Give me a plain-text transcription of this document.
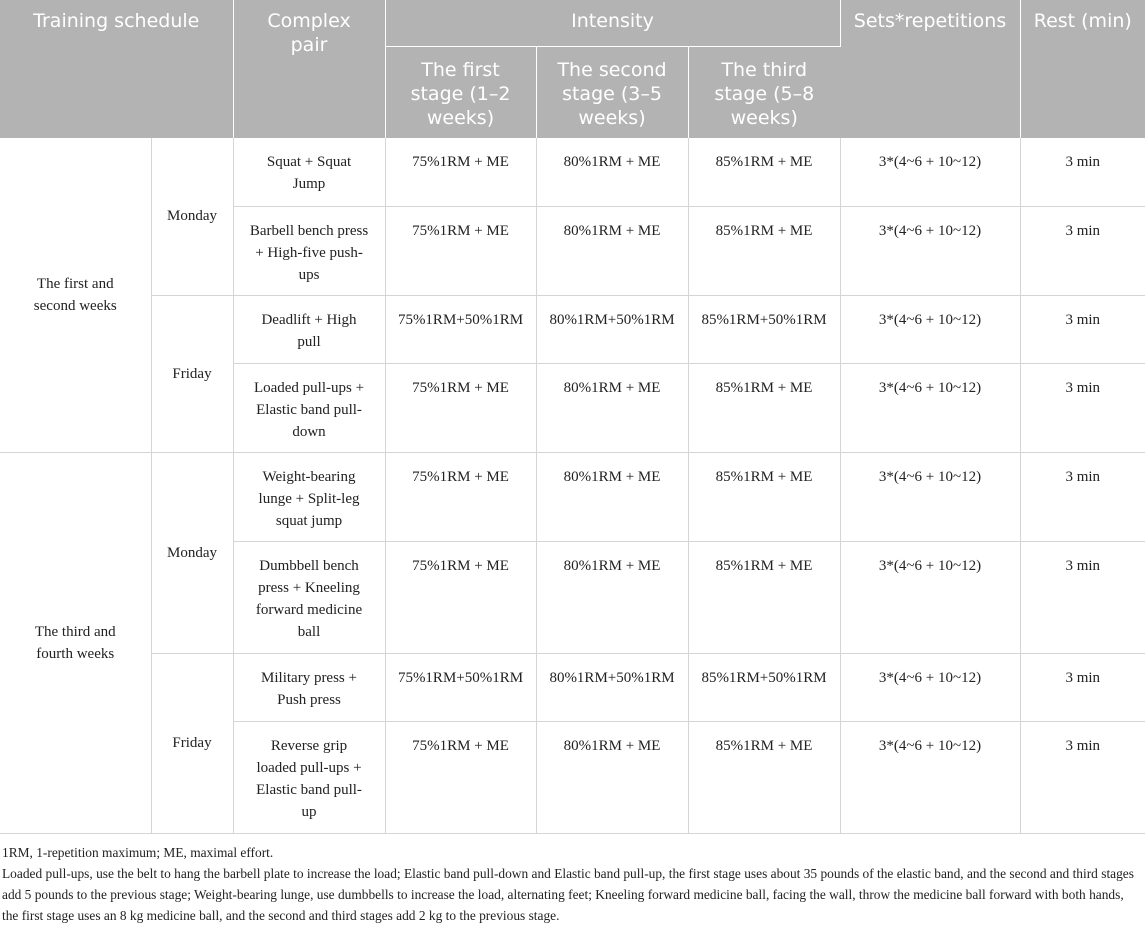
Training schedule		Complex pair	Intensity			Sets*repetitions	Rest (min)

			The first stage (1–2 weeks)	The second stage (3–5 weeks)	The third stage (5–8 weeks)		

The first and second weeks	Monday	Squat + Squat Jump	75%1RM + ME	80%1RM + ME	85%1RM + ME	3*(4~6 + 10~12)	3 min
		Barbell bench press + High-five push-ups	75%1RM + ME	80%1RM + ME	85%1RM + ME	3*(4~6 + 10~12)	3 min
	Friday	Deadlift + High pull	75%1RM+50%1RM	80%1RM+50%1RM	85%1RM+50%1RM	3*(4~6 + 10~12)	3 min
		Loaded pull-ups + Elastic band pull-down	75%1RM + ME	80%1RM + ME	85%1RM + ME	3*(4~6 + 10~12)	3 min
The third and fourth weeks	Monday	Weight-bearing lunge + Split-leg squat jump	75%1RM + ME	80%1RM + ME	85%1RM + ME	3*(4~6 + 10~12)	3 min
		Dumbbell bench press + Kneeling forward medicine ball	75%1RM + ME	80%1RM + ME	85%1RM + ME	3*(4~6 + 10~12)	3 min
	Friday	Military press + Push press	75%1RM+50%1RM	80%1RM+50%1RM	85%1RM+50%1RM	3*(4~6 + 10~12)	3 min
		Reverse grip loaded pull-ups + Elastic band pull-up	75%1RM + ME	80%1RM + ME	85%1RM + ME	3*(4~6 + 10~12)	3 min

1RM, 1-repetition maximum; ME, maximal effort.

Loaded pull-ups, use the belt to hang the barbell plate to increase the load; Elastic band pull-down and Elastic band pull-up, the first stage uses about 35 pounds of the elastic band, and the second and third stages add 5 pounds to the previous stage; Weight-bearing lunge, use dumbbells to increase the load, alternating feet; Kneeling forward medicine ball, facing the wall, throw the medicine ball forward with both hands, the first stage uses an 8 kg medicine ball, and the second and third stages add 2 kg to the previous stage.
